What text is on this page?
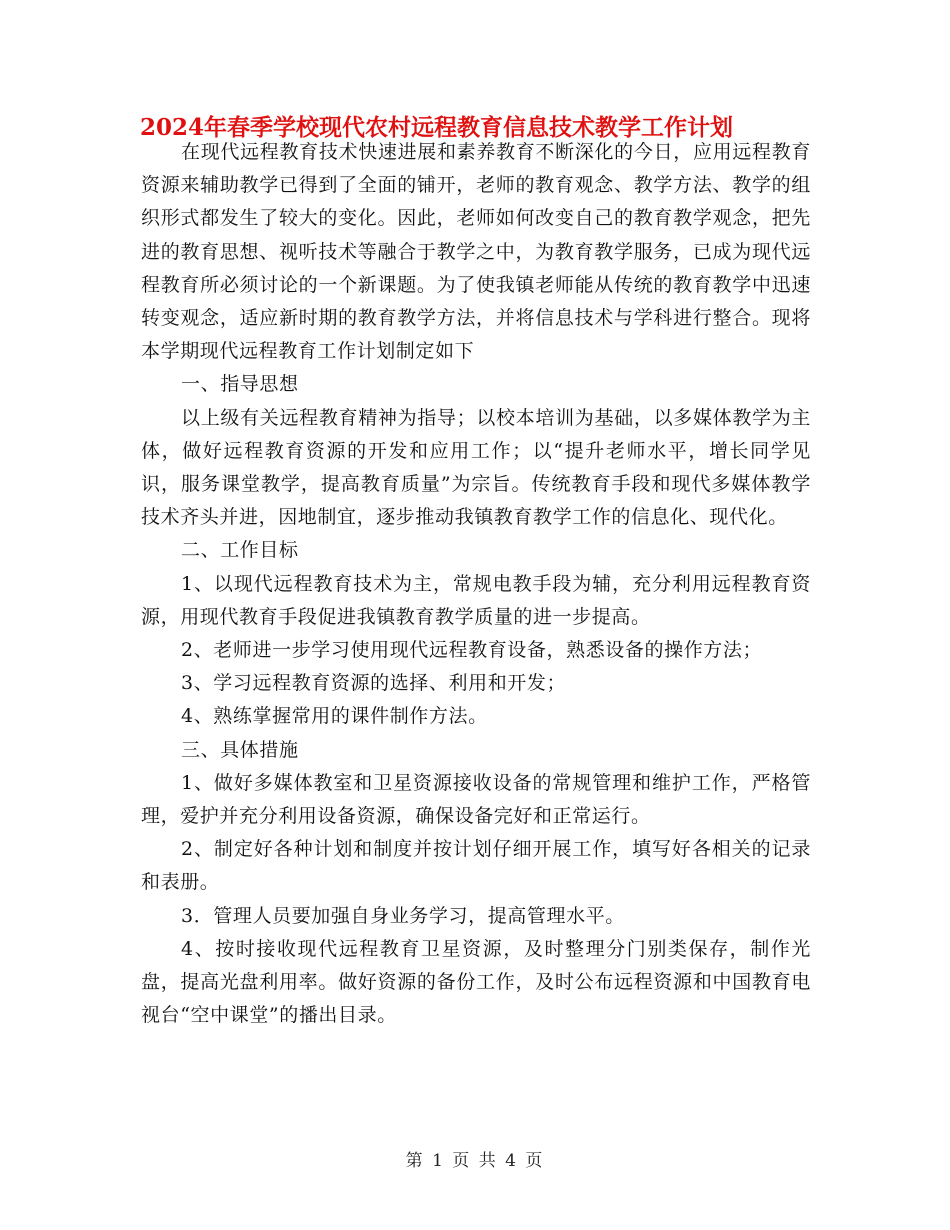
2024年春季学校现代农村远程教育信息技术教学工作计划

在现代远程教育技术快速进展和素养教育不断深化的今日，应用远程教育资源来辅助教学已得到了全面的铺开，老师的教育观念、教学方法、教学的组织形式都发生了较大的变化。因此，老师如何改变自己的教育教学观念，把先进的教育思想、视听技术等融合于教学之中，为教育教学服务，已成为现代远程教育所必须讨论的一个新课题。为了使我镇老师能从传统的教育教学中迅速转变观念，适应新时期的教育教学方法，并将信息技术与学科进行整合。现将本学期现代远程教育工作计划制定如下

一、指导思想

以上级有关远程教育精神为指导；以校本培训为基础，以多媒体教学为主体，做好远程教育资源的开发和应用工作；以“提升老师水平，增长同学见识，服务课堂教学，提高教育质量”为宗旨。传统教育手段和现代多媒体教学技术齐头并进，因地制宜，逐步推动我镇教育教学工作的信息化、现代化。

二、工作目标

1、以现代远程教育技术为主，常规电教手段为辅，充分利用远程教育资源，用现代教育手段促进我镇教育教学质量的进一步提高。

2、老师进一步学习使用现代远程教育设备，熟悉设备的操作方法；

3、学习远程教育资源的选择、利用和开发；

4、熟练掌握常用的课件制作方法。

三、具体措施

1、做好多媒体教室和卫星资源接收设备的常规管理和维护工作，严格管理，爱护并充分利用设备资源，确保设备完好和正常运行。

2、制定好各种计划和制度并按计划仔细开展工作，填写好各相关的记录和表册。

3．管理人员要加强自身业务学习，提高管理水平。

4、按时接收现代远程教育卫星资源，及时整理分门别类保存，制作光盘，提高光盘利用率。做好资源的备份工作，及时公布远程资源和中国教育电视台“空中课堂”的播出目录。

第 1 页 共 4 页
